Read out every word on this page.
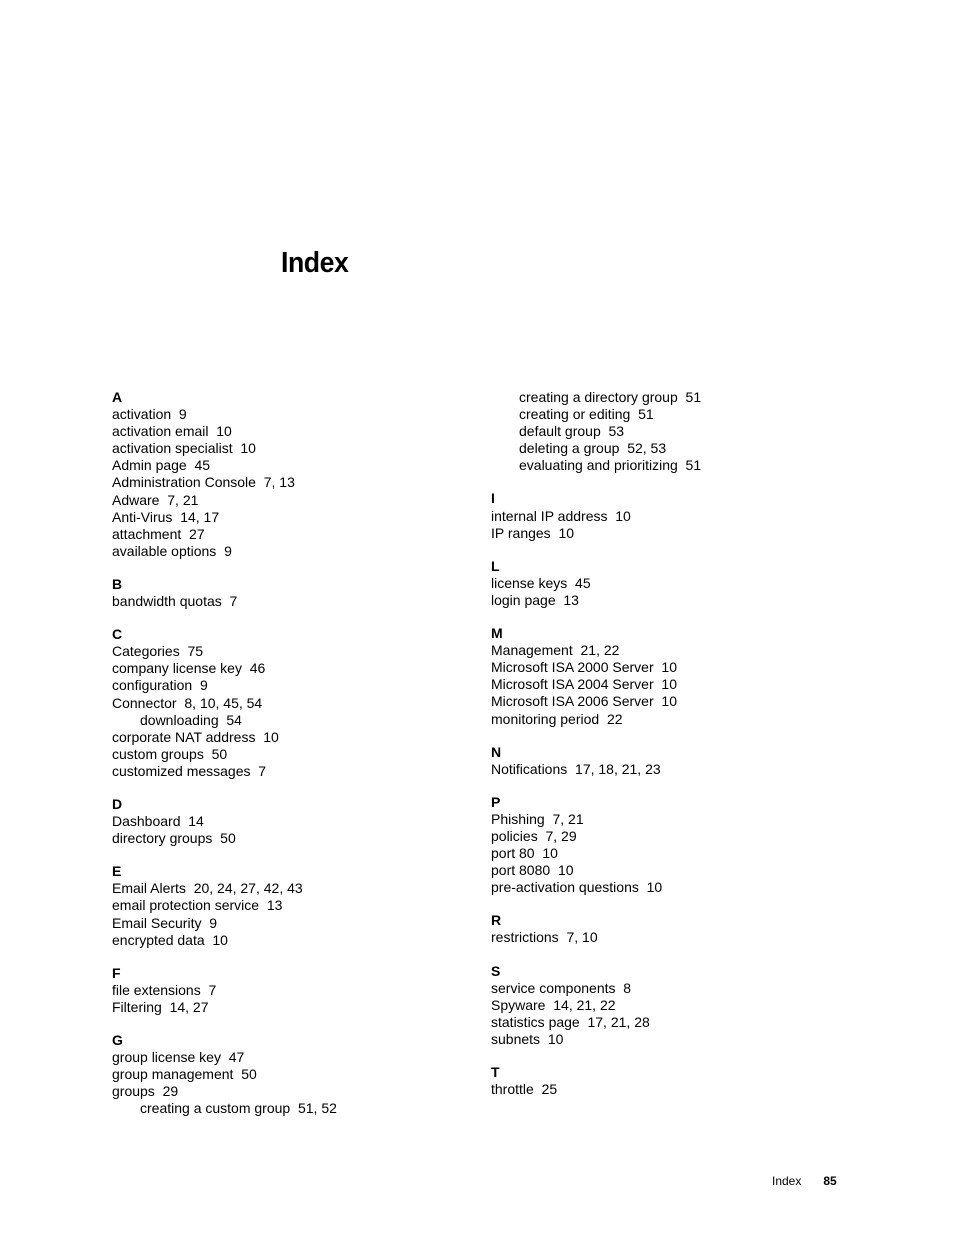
Index
A
activation  9
activation email  10
activation specialist  10
Admin page  45
Administration Console  7, 13
Adware  7, 21
Anti-Virus  14, 17
attachment  27
available options  9
B
bandwidth quotas  7
C
Categories  75
company license key  46
configuration  9
Connector  8, 10, 45, 54
downloading  54
corporate NAT address  10
custom groups  50
customized messages  7
D
Dashboard  14
directory groups  50
E
Email Alerts  20, 24, 27, 42, 43
email protection service  13
Email Security  9
encrypted data  10
F
file extensions  7
Filtering  14, 27
G
group license key  47
group management  50
groups  29
creating a custom group  51, 52
creating a directory group  51
creating or editing  51
default group  53
deleting a group  52, 53
evaluating and prioritizing  51
I
internal IP address  10
IP ranges  10
L
license keys  45
login page  13
M
Management  21, 22
Microsoft ISA 2000 Server  10
Microsoft ISA 2004 Server  10
Microsoft ISA 2006 Server  10
monitoring period  22
N
Notifications  17, 18, 21, 23
P
Phishing  7, 21
policies  7, 29
port 80  10
port 8080  10
pre-activation questions  10
R
restrictions  7, 10
S
service components  8
Spyware  14, 21, 22
statistics page  17, 21, 28
subnets  10
T
throttle  25
Index 85
